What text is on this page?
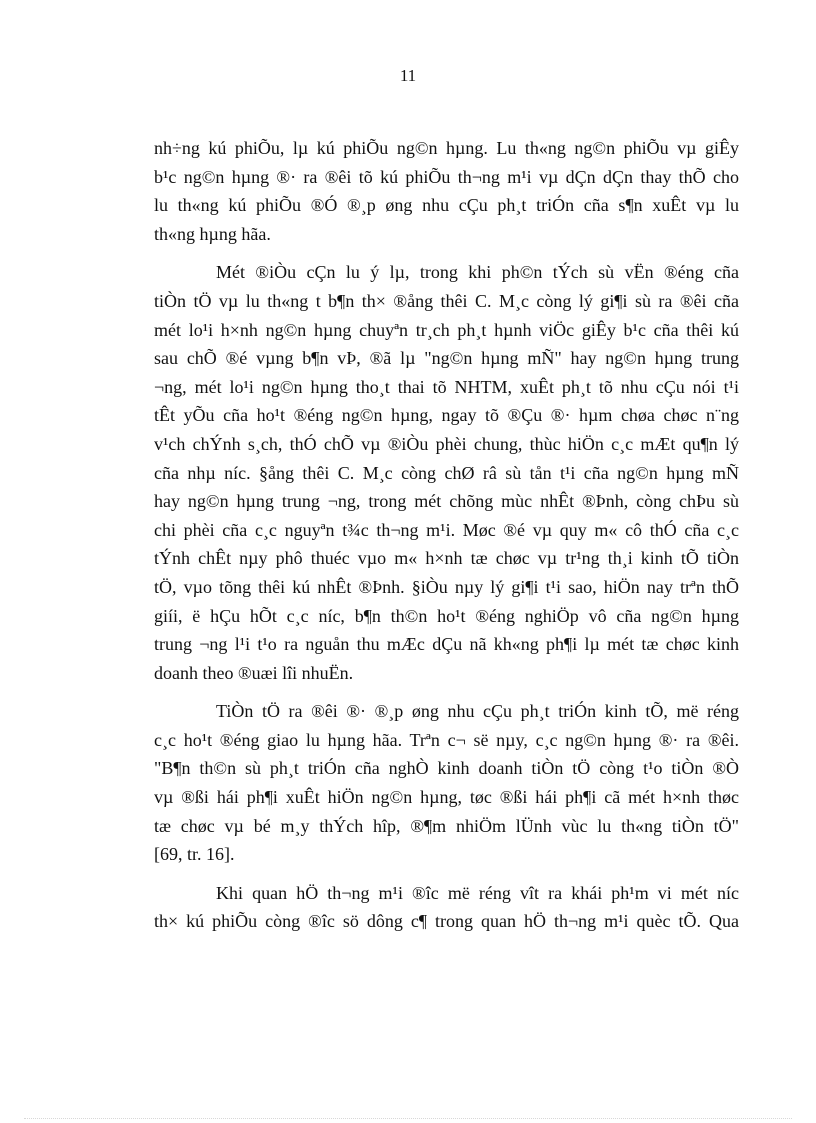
11

nh÷ng kú phiÕu, lµ kú phiÕu ng©n hµng. Lu th«ng ng©n phiÕu vµ giÊy
b¹c ng©n hµng ®· ra ®êi tõ kú phiÕu th¬ng m¹i vµ dÇn dÇn thay thÕ cho
lu th«ng kú phiÕu ®Ó ®¸p øng nhu cÇu ph¸t triÓn cña s¶n xuÊt vµ lu
th«ng hµng hãa.

Mét ®iÒu cÇn lu ý lµ, trong khi ph©n tÝch sù vËn ®éng cña
tiÒn tÖ vµ lu th«ng t b¶n th× ®ång thêi C. M¸c còng lý gi¶i sù ra ®êi cña
mét lo¹i h×nh ng©n hµng chuyªn tr¸ch ph¸t hµnh viÖc giÊy b¹c cña thêi kú
sau chÕ ®é vµng b¶n vÞ, ®ã lµ "ng©n hµng mÑ" hay ng©n hµng trung
¬ng, mét lo¹i ng©n hµng tho¸t thai tõ NHTM, xuÊt ph¸t tõ nhu cÇu nói t¹i
tÊt yÕu cña ho¹t ®éng ng©n hµng, ngay tõ ®Çu ®· hµm chøa chøc n¨ng
v¹ch chÝnh s¸ch, thÓ chÕ vµ ®iÒu phèi chung, thùc hiÖn c¸c mÆt qu¶n lý
cña nhµ níc. §ång thêi C. M¸c còng chØ râ sù tån t¹i cña ng©n hµng mÑ
hay ng©n hµng trung ¬ng, trong mét chõng mùc nhÊt ®Þnh, còng chÞu sù
chi phèi cña c¸c nguyªn t¾c th¬ng m¹i. Møc ®é vµ quy m« cô thÓ cña c¸c
tÝnh chÊt nµy phô thuéc vµo m« h×nh tæ chøc vµ tr¹ng th¸i kinh tÕ tiÒn
tÖ, vµo tõng thêi kú nhÊt ®Þnh. §iÒu nµy lý gi¶i t¹i sao, hiÖn nay trªn thÕ
giíi, ë hÇu hÕt c¸c níc, b¶n th©n ho¹t ®éng nghiÖp vô cña ng©n hµng
trung ¬ng l¹i t¹o ra nguån thu mÆc dÇu nã kh«ng ph¶i lµ mét tæ chøc kinh
doanh theo ®uæi lîi nhuËn.

TiÒn tÖ ra ®êi ®· ®¸p øng nhu cÇu ph¸t triÓn kinh tÕ, më réng
c¸c ho¹t ®éng giao lu hµng hãa. Trªn c¬ së nµy, c¸c ng©n hµng ®· ra ®êi.
"B¶n th©n sù ph¸t triÓn cña nghÒ kinh doanh tiÒn tÖ còng t¹o tiÒn ®Ò
vµ ®ßi hái ph¶i xuÊt hiÖn ng©n hµng, tøc ®ßi hái ph¶i cã mét h×nh thøc
tæ chøc vµ bé m¸y thÝch hîp, ®¶m nhiÖm lÜnh vùc lu th«ng tiÒn tÖ"
[69, tr. 16].

Khi quan hÖ th¬ng m¹i ®îc më réng vît ra khái ph¹m vi mét níc
th× kú phiÕu còng ®îc sö dông c¶ trong quan hÖ th¬ng m¹i quèc tÕ. Qua
